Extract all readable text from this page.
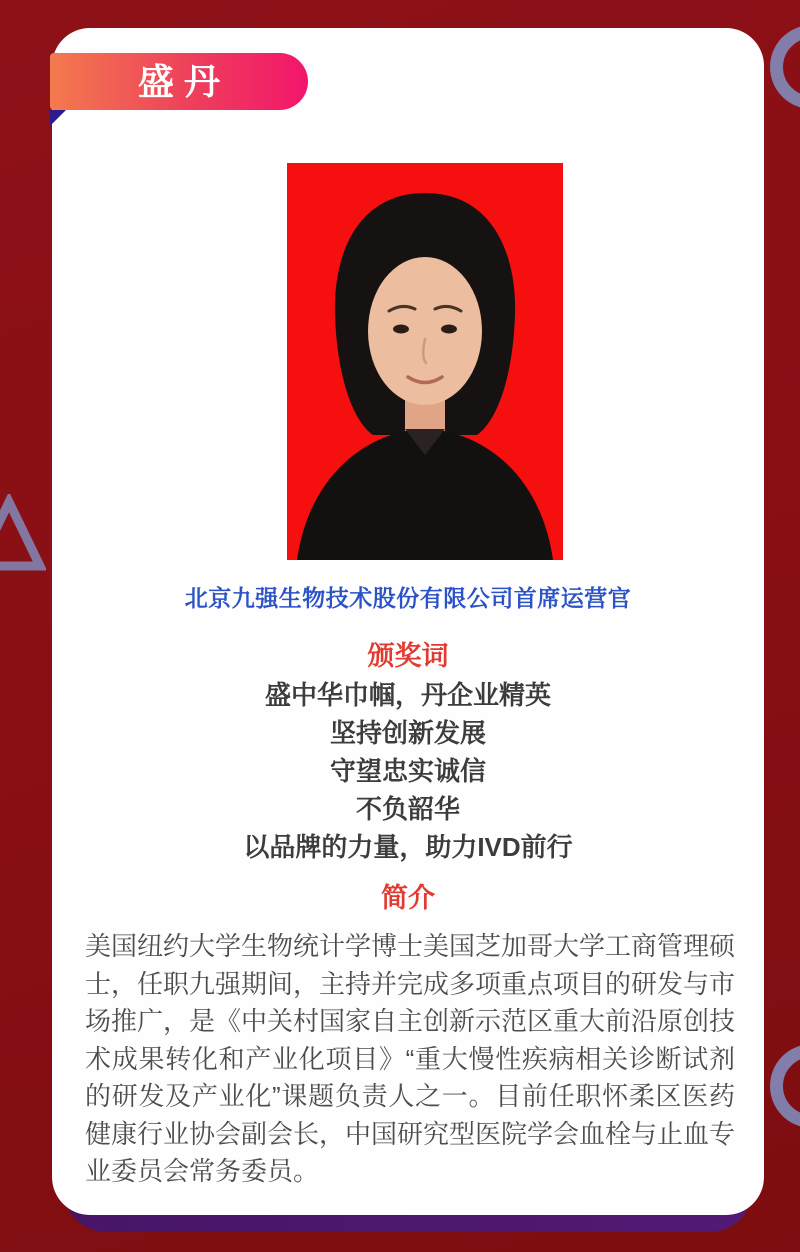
盛丹
北京九强生物技术股份有限公司首席运营官
颁奖词

盛中华巾帼，丹企业精英

坚持创新发展

守望忠实诚信

不负韶华

以品牌的力量，助力IVD前行

简介

美国纽约大学生物统计学博士美国芝加哥大学工商管理硕士，任职九强期间，主持并完成多项重点项目的研发与市场推广，是《中关村国家自主创新示范区重大前沿原创技术成果转化和产业化项目》“重大慢性疾病相关诊断试剂的研发及产业化”课题负责人之一。目前任职怀柔区医药健康行业协会副会长，中国研究型医院学会血栓与止血专业委员会常务委员。
